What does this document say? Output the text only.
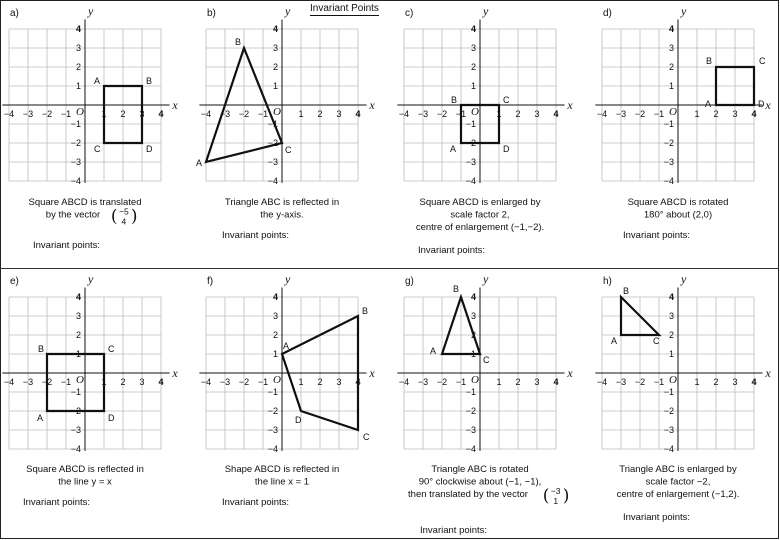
Invariant Points
a)
x
y
O
−4 −3 −2 −1	1 2 3 4
4
3
2
1
−1
−2
−3
−4
A	B
C	D
Square ABCD is translated
by the vector ( −5
4 )
Invariant points:
b)
x
y
O
−4 −3 −2 −1	1 2 3 4
4
3
2
1
−1
−2
−3
−4
B
C
A
Triangle ABC is reflected in
the y-axis.
Invariant points:
c)
x
y
O
−4 −3 −2 −1	1 2 3 4
4
3
2
1
−1
−2
−3
−4
B	C
A	D
Square ABCD is enlarged by
scale factor 2,
centre of enlargement (−1,−2).
Invariant points:
d)
x
y
O
−4 −3 −2 −1	1 2 3 4
4
3
2
1
−1
−2
−3
−4
B	C
A	D
Square ABCD is rotated
180° about (2,0)
Invariant points:
e)
x
y
O
−4 −3 −2 −1	1 2 3 4
4
3
2
1
−1
−2
−3
−4
B	C
A	D
Square ABCD is reflected in
the line y = x
Invariant points:
f)
x
y
O
−4 −3 −2 −1	1 2 3 4
4
3
2
1
−1
−2
−3
−4
A
B
C
D
Shape ABCD is reflected in
the line x = 1
Invariant points:
g)
x
y
O
−4 −3 −2 −1	1 2 3 4
4
3
2
1
−1
−2
−3
−4
B
A
C
Triangle ABC is rotated
90° clockwise about (−1, −1),
then translated by the vector ( −3
1 )
Invariant points:
h)
x
y
O
−4 −3 −2 −1	1 2 3 4
4
3
2
1
−1
−2
−3
−4
B
A	C
Triangle ABC is enlarged by
scale factor −2,
centre of enlargement (−1,2).
Invariant points:
